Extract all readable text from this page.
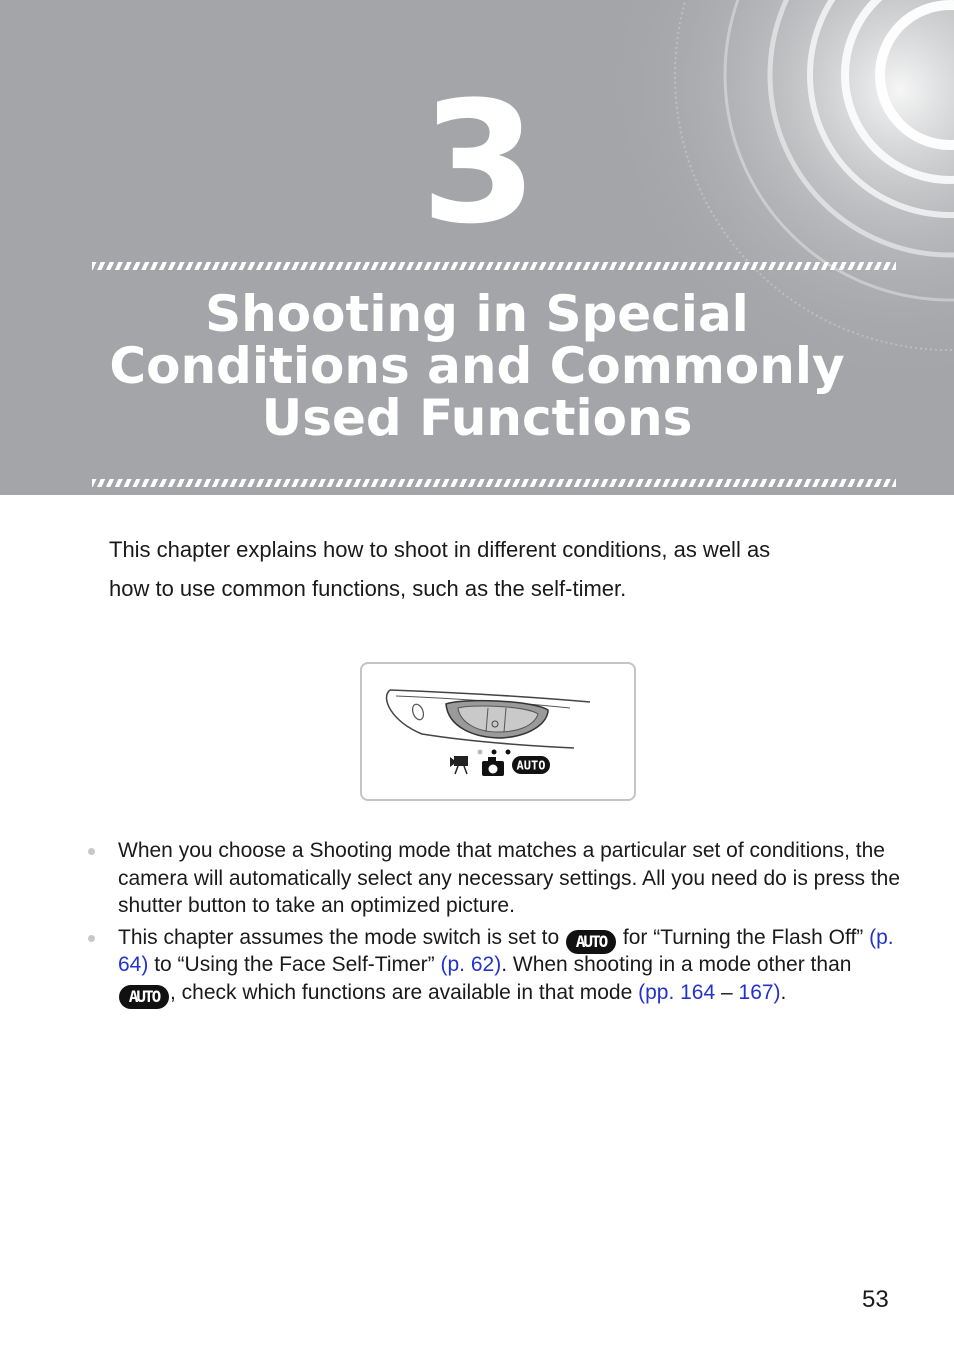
3
Shooting in Special
Conditions and Commonly
Used Functions
This chapter explains how to shoot in different conditions, as well as
how to use common functions, such as the self-timer.
AUTO
When you choose a Shooting mode that matches a particular set of conditions, the camera will automatically select any necessary settings. All you need do is press the shutter button to take an optimized picture.
This chapter assumes the mode switch is set to AUTO for “Turning the Flash Off” (p. 64) to “Using the Face Self-Timer” (p. 62). When shooting in a mode other than AUTO , check which functions are available in that mode (pp. 164 – 167).
53
